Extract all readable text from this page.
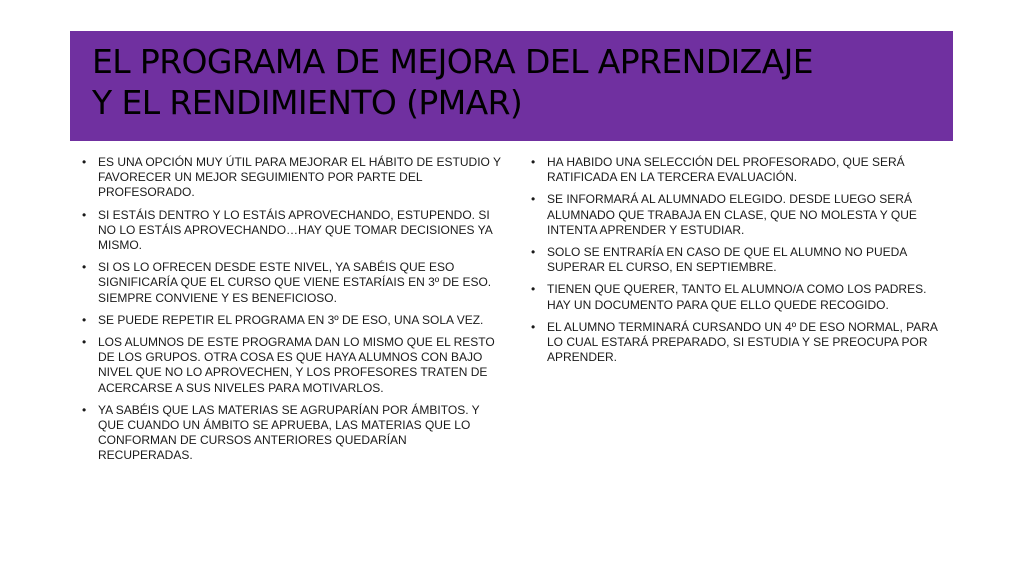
EL PROGRAMA DE MEJORA DEL APRENDIZAJE
Y EL RENDIMIENTO (PMAR)
• ES UNA OPCIÓN MUY ÚTIL PARA MEJORAR EL HÁBITO DE ESTUDIO Y FAVORECER UN MEJOR SEGUIMIENTO POR PARTE DEL PROFESORADO.
• SI ESTÁIS DENTRO Y LO ESTÁIS APROVECHANDO, ESTUPENDO. SI NO LO ESTÁIS APROVECHANDO…HAY QUE TOMAR DECISIONES YA MISMO.
• SI OS LO OFRECEN DESDE ESTE NIVEL, YA SABÉIS QUE ESO SIGNIFICARÍA QUE EL CURSO QUE VIENE ESTARÍAIS EN 3º DE ESO. SIEMPRE CONVIENE Y ES BENEFICIOSO.
• SE PUEDE REPETIR EL PROGRAMA EN 3º DE ESO, UNA SOLA VEZ.
• LOS ALUMNOS DE ESTE PROGRAMA DAN LO MISMO QUE EL RESTO DE LOS GRUPOS. OTRA COSA ES QUE HAYA ALUMNOS CON BAJO NIVEL QUE NO LO APROVECHEN, Y LOS PROFESORES TRATEN DE ACERCARSE A SUS NIVELES PARA MOTIVARLOS.
• YA SABÉIS QUE LAS MATERIAS SE AGRUPARÍAN POR ÁMBITOS. Y QUE CUANDO UN ÁMBITO SE APRUEBA, LAS MATERIAS QUE LO CONFORMAN DE CURSOS ANTERIORES QUEDARÍAN RECUPERADAS.
• HA HABIDO UNA SELECCIÓN DEL PROFESORADO, QUE SERÁ RATIFICADA EN LA TERCERA EVALUACIÓN.
• SE INFORMARÁ AL ALUMNADO ELEGIDO. DESDE LUEGO SERÁ ALUMNADO QUE TRABAJA EN CLASE, QUE NO MOLESTA Y QUE INTENTA APRENDER Y ESTUDIAR.
• SOLO SE ENTRARÍA EN CASO DE QUE EL ALUMNO NO PUEDA SUPERAR EL CURSO, EN SEPTIEMBRE.
• TIENEN QUE QUERER, TANTO EL ALUMNO/A COMO LOS PADRES. HAY UN DOCUMENTO PARA QUE ELLO QUEDE RECOGIDO.
• EL ALUMNO TERMINARÁ CURSANDO UN 4º DE ESO NORMAL, PARA LO CUAL ESTARÁ PREPARADO, SI ESTUDIA Y SE PREOCUPA POR APRENDER.
